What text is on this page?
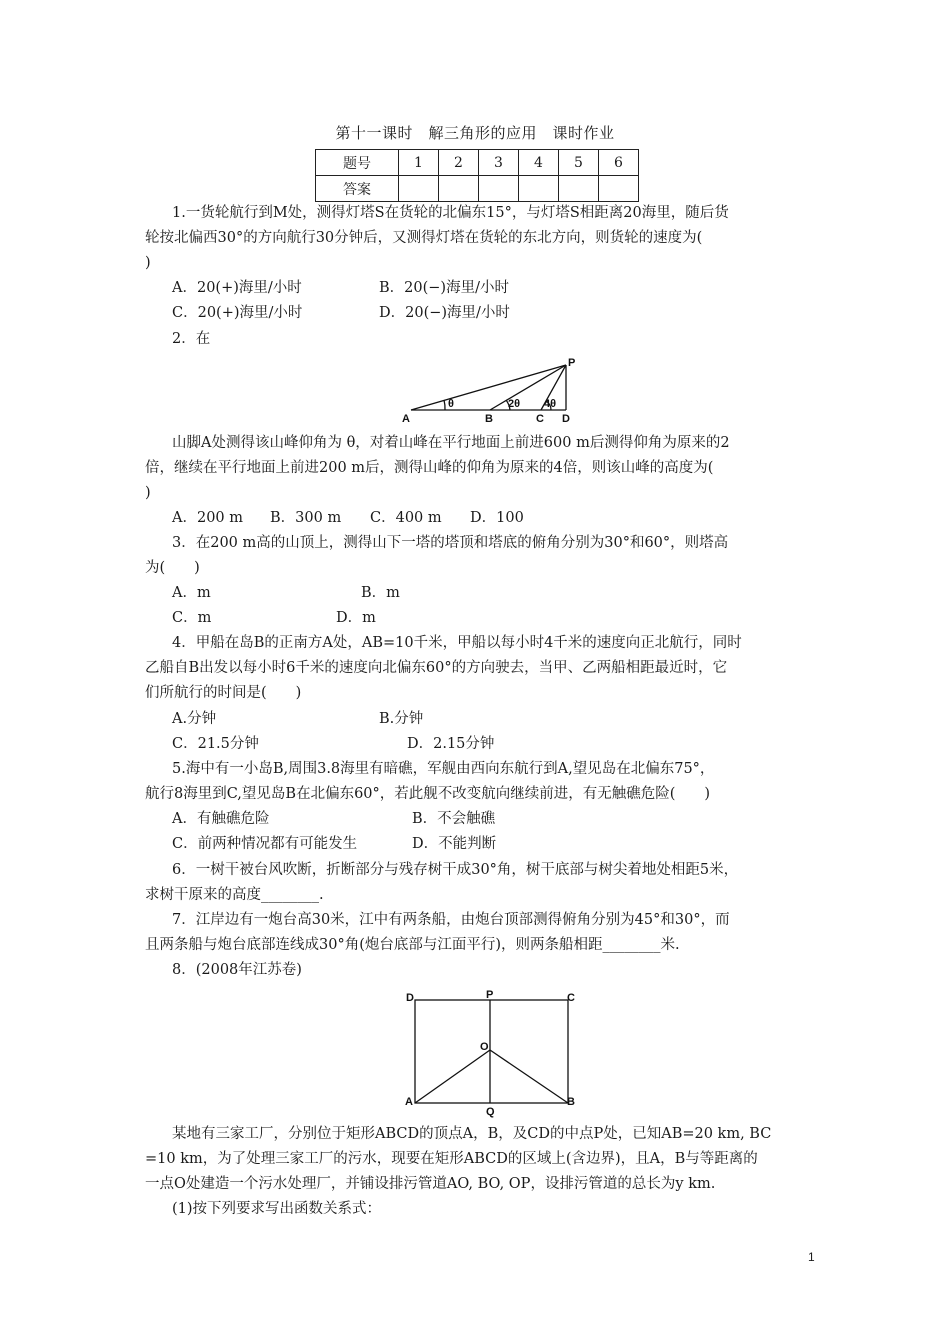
第十一课时　解三角形的应用　课时作业
题号	1	2	3	4	5	6
答案						
1.一货轮航行到M处，测得灯塔S在货轮的北偏东15°，与灯塔S相距离20海里，随后货
轮按北偏西30°的方向航行30分钟后，又测得灯塔在货轮的东北方向，则货轮的速度为(
)
A．20(+)海里/小时	B．20(−)海里/小时
C．20(+)海里/小时	D．20(−)海里/小时
2．在
A	B	C D
P
θ	2θ 4θ
山脚A处测得该山峰仰角为 θ，对着山峰在平行地面上前进600 m后测得仰角为原来的2
倍，继续在平行地面上前进200 m后，测得山峰的仰角为原来的4倍，则该山峰的高度为(
)
A．200 m B．300 m C．400 m D．100
3．在200 m高的山顶上，测得山下一塔的塔顶和塔底的俯角分别为30°和60°，则塔高
为(　　)
A．m	B．m
C．m	D．m
4．甲船在岛B的正南方A处，AB=10千米，甲船以每小时4千米的速度向正北航行，同时
乙船自B出发以每小时6千米的速度向北偏东60°的方向驶去，当甲、乙两船相距最近时，它
们所航行的时间是(　　)
A.分钟	B.分钟
C．21.5分钟	D．2.15分钟
5.海中有一小岛B,周围3.8海里有暗礁，军舰由西向东航行到A,望见岛在北偏东75°，
航行8海里到C,望见岛B在北偏东60°，若此舰不改变航向继续前进，有无触礁危险(　　)
A．有触礁危险	B．不会触礁
C．前两种情况都有可能发生	D．不能判断
6．一树干被台风吹断，折断部分与残存树干成30°角，树干底部与树尖着地处相距5米，
求树干原来的高度________.
7．江岸边有一炮台高30米，江中有两条船，由炮台顶部测得俯角分别为45°和30°，而
且两条船与炮台底部连线成30°角(炮台底部与江面平行)，则两条船相距________米.
8．(2008年江苏卷)
D	P	C
O
A
Q
B
某地有三家工厂，分别位于矩形ABCD的顶点A，B，及CD的中点P处，已知AB=20 km, BC
=10 km，为了处理三家工厂的污水，现要在矩形ABCD的区域上(含边界)，且A，B与等距离的
一点O处建造一个污水处理厂，并铺设排污管道AO, BO, OP，设排污管道的总长为y km.
(1)按下列要求写出函数关系式：
1
